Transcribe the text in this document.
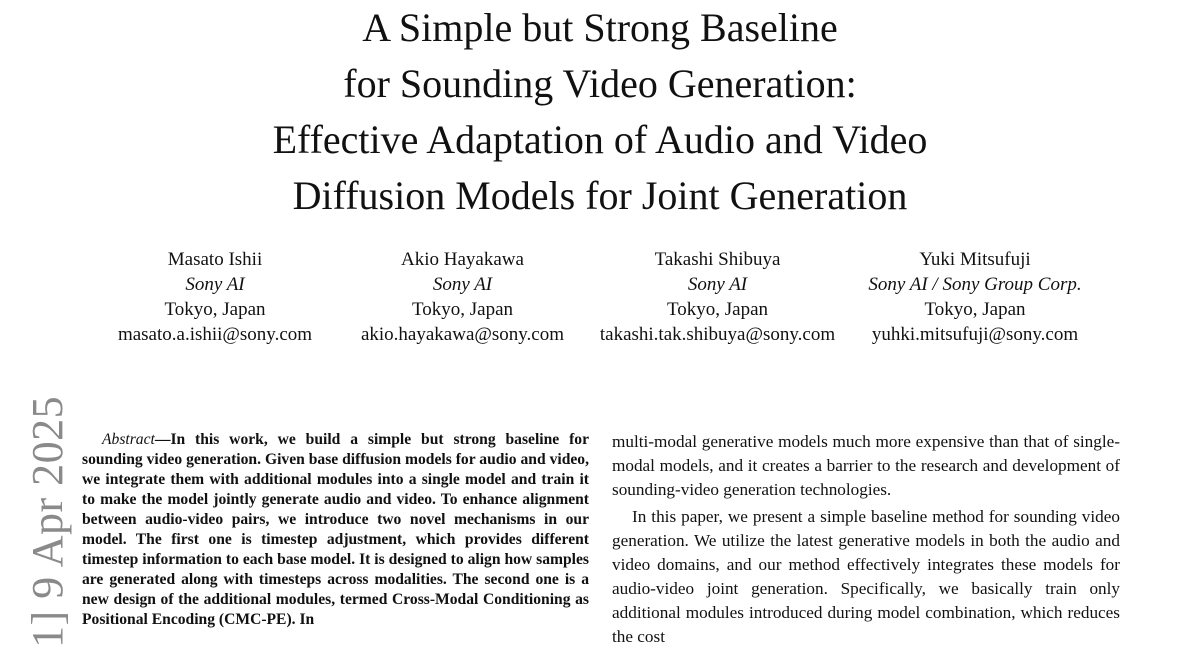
A Simple but Strong Baseline
for Sounding Video Generation:
Effective Adaptation of Audio and Video
Diffusion Models for Joint Generation
Masato Ishii
Sony AI
Tokyo, Japan
masato.a.ishii@sony.com
Akio Hayakawa
Sony AI
Tokyo, Japan
akio.hayakawa@sony.com
Takashi Shibuya
Sony AI
Tokyo, Japan
takashi.tak.shibuya@sony.com
Yuki Mitsufuji
Sony AI / Sony Group Corp.
Tokyo, Japan
yuhki.mitsufuji@sony.com
1] 9 Apr 2025	Abstract—In this work, we build a simple but strong baseline for sounding video generation. Given base diffusion models for audio and video, we integrate them with additional modules into a single model and train it to make the model jointly generate audio and video. To enhance alignment between audio-video pairs, we introduce two novel mechanisms in our model. The first one is timestep adjustment, which provides different timestep information to each base model. It is designed to align how samples are generated along with timesteps across modalities. The second one is a new design of the additional modules, termed Cross-Modal Conditioning as Positional Encoding (CMC-PE). In

multi-modal generative models much more expensive than that of single-modal models, and it creates a barrier to the research and development of sounding-video generation technologies.

In this paper, we present a simple baseline method for sounding video generation. We utilize the latest generative models in both the audio and video domains, and our method effectively integrates these models for audio-video joint generation. Specifically, we basically train only additional modules introduced during model combination, which reduces the cost
